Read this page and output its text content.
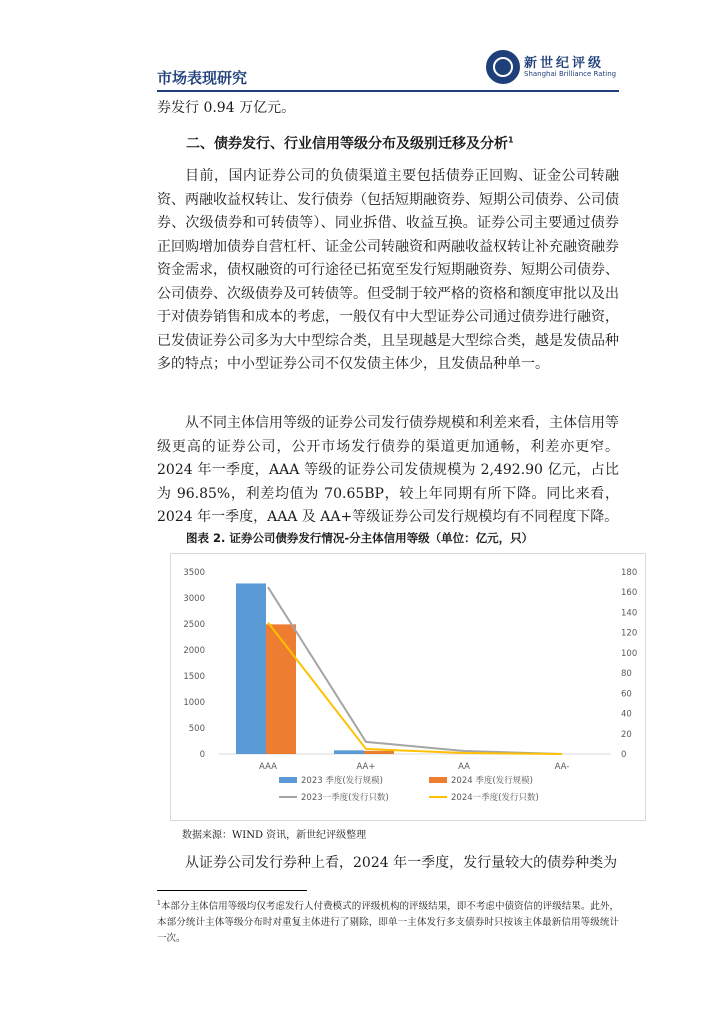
市场表现研究
新世纪评级
Shanghai Brilliance Rating
券发行 0.94 万亿元。
二、债券发行、行业信用等级分布及级别迁移及分析$^1$
目前，国内证券公司的负债渠道主要包括债券正回购、证金公司转融资、两融收益权转让、发行债券（包括短期融资券、短期公司债券、公司债券、次级债券和可转债等）、同业拆借、收益互换。证券公司主要通过债券正回购增加债券自营杠杆、证金公司转融资和两融收益权转让补充融资融券资金需求，债权融资的可行途径已拓宽至发行短期融资券、短期公司债券、公司债券、次级债券及可转债等。但受制于较严格的资格和额度审批以及出于对债券销售和成本的考虑，一般仅有中大型证券公司通过债券进行融资，已发债证券公司多为大中型综合类，且呈现越是大型综合类，越是发债品种多的特点；中小型证券公司不仅发债主体少，且发债品种单一。
从不同主体信用等级的证券公司发行债券规模和利差来看，主体信用等级更高的证券公司，公开市场发行债券的渠道更加通畅，利差亦更窄。2024 年一季度，AAA 等级的证券公司发债规模为 2,492.90 亿元，占比为 96.85%，利差均值为 70.65BP，较上年同期有所下降。同比来看，2024 年一季度，AAA 及 AA+等级证券公司发行规模均有不同程度下降。
图表 2. 证券公司债券发行情况-分主体信用等级（单位：亿元，只）
0
500
1000
1500
2000
2500
3000
3500
0
20
40
60
80
100
120
140
160
180
AAA	AA+	AA	AA-
2023 季度(发行规模)	2024 季度(发行规模)
2023一季度(发行只数)	2024一季度(发行只数)
数据来源：WIND 资讯，新世纪评级整理
从证券公司发行券种上看，2024 年一季度，发行量较大的债券种类为
$^1$本部分主体信用等级均仅考虑发行人付费模式的评级机构的评级结果，即不考虑中债资信的评级结果。此外，本部分统计主体等级分布时对重复主体进行了剔除，即单一主体发行多支债券时只按该主体最新信用等级统计一次。
